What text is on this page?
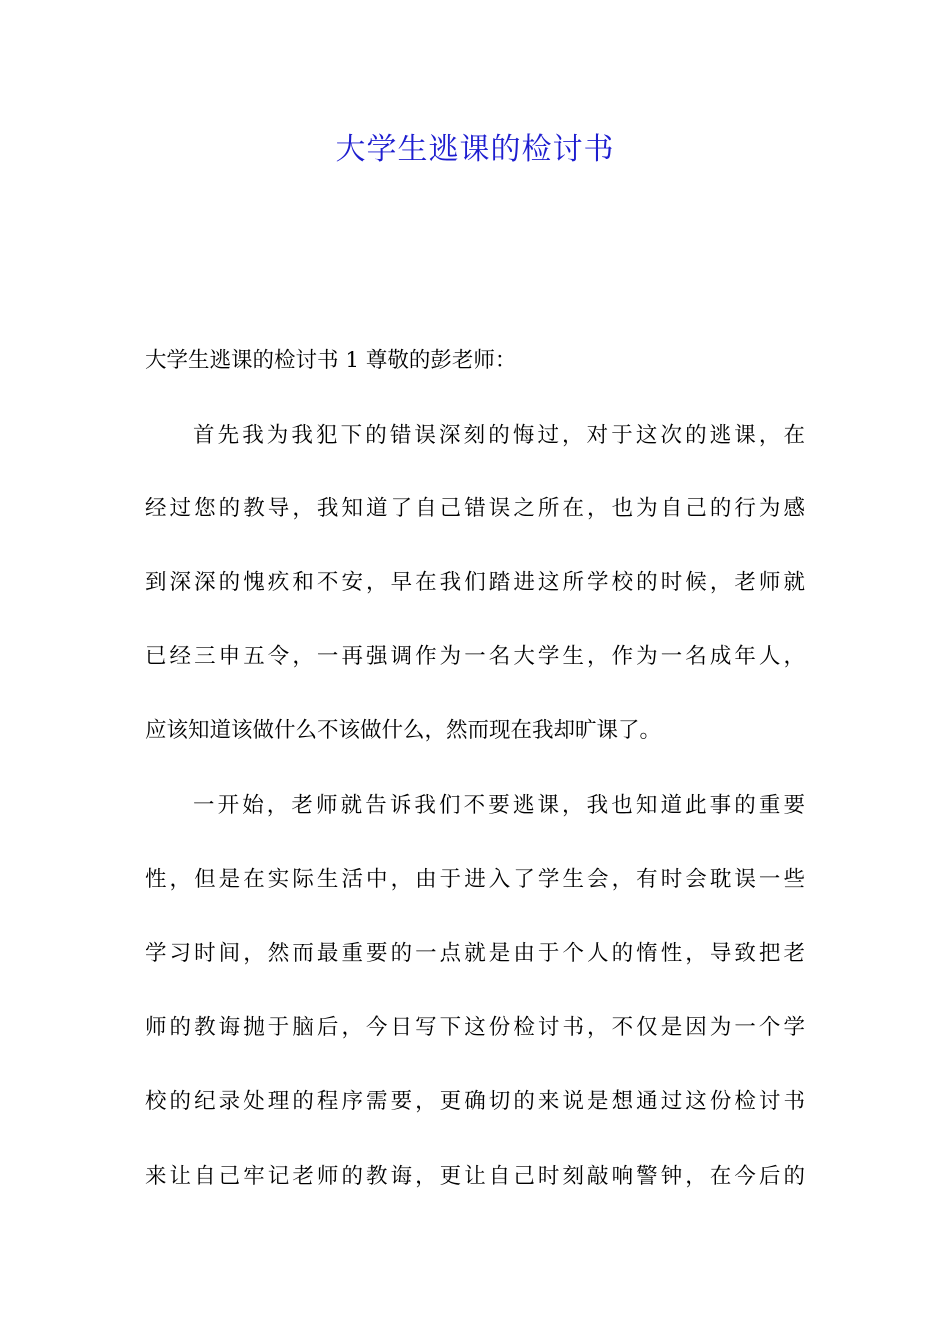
大学生逃课的检讨书
大学生逃课的检讨书 1 尊敬的彭老师：
首先我为我犯下的错误深刻的悔过，对于这次的逃课，在
经过您的教导，我知道了自己错误之所在，也为自己的行为感
到深深的愧疚和不安，早在我们踏进这所学校的时候，老师就
已经三申五令，一再强调作为一名大学生，作为一名成年人，
应该知道该做什么不该做什么，然而现在我却旷课了。
一开始，老师就告诉我们不要逃课，我也知道此事的重要
性，但是在实际生活中，由于进入了学生会，有时会耽误一些
学习时间，然而最重要的一点就是由于个人的惰性，导致把老
师的教诲抛于脑后，今日写下这份检讨书，不仅是因为一个学
校的纪录处理的程序需要，更确切的来说是想通过这份检讨书
来让自己牢记老师的教诲，更让自己时刻敲响警钟，在今后的
